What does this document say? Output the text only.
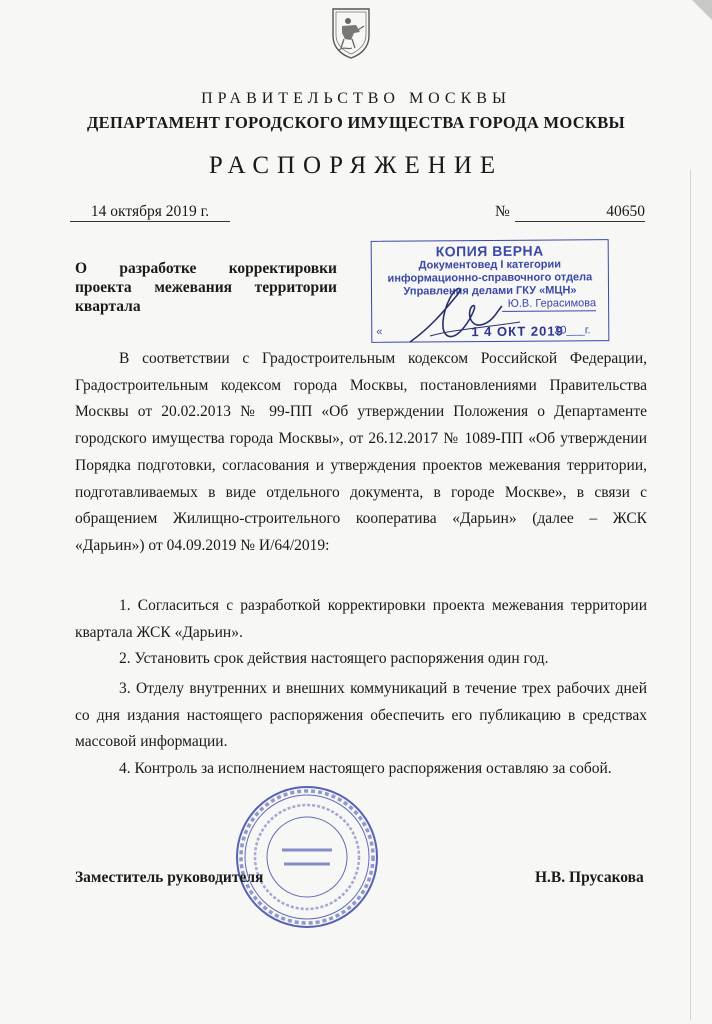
ПРАВИТЕЛЬСТВО МОСКВЫ
ДЕПАРТАМЕНТ ГОРОДСКОГО ИМУЩЕСТВА ГОРОДА МОСКВЫ
РАСПОРЯЖЕНИЕ
14 октября 2019 г.	№	40650
О разработке корректировки проекта межевания территории квартала
КОПИЯ ВЕРНА
Документовед I категории
информационно-справочного отдела
Управления делами ГКУ «МЦН»
Ю.В. Герасимова
«	1 4 ОКТ 2019
20___г.

В соответствии с Градостроительным кодексом Российской Федерации, Градостроительным кодексом города Москвы, постановлениями Правительства Москвы от 20.02.2013 № 99-ПП «Об утверждении Положения о Департаменте городского имущества города Москвы», от 26.12.2017 № 1089-ПП «Об утверждении Порядка подготовки, согласования и утверждения проектов межевания территории, подготавливаемых в виде отдельного документа, в городе Москве», в связи с обращением Жилищно-строительного кооператива «Дарьин» (далее – ЖСК «Дарьин») от 04.09.2019 № И/64/2019:

1. Согласиться с разработкой корректировки проекта межевания территории квартала ЖСК «Дарьин».

2. Установить срок действия настоящего распоряжения один год.

3. Отделу внутренних и внешних коммуникаций в течение трех рабочих дней со дня издания настоящего распоряжения обеспечить его публикацию в средствах массовой информации.

4. Контроль за исполнением настоящего распоряжения оставляю за собой.

Заместитель руководителя	Н.В. Прусакова
